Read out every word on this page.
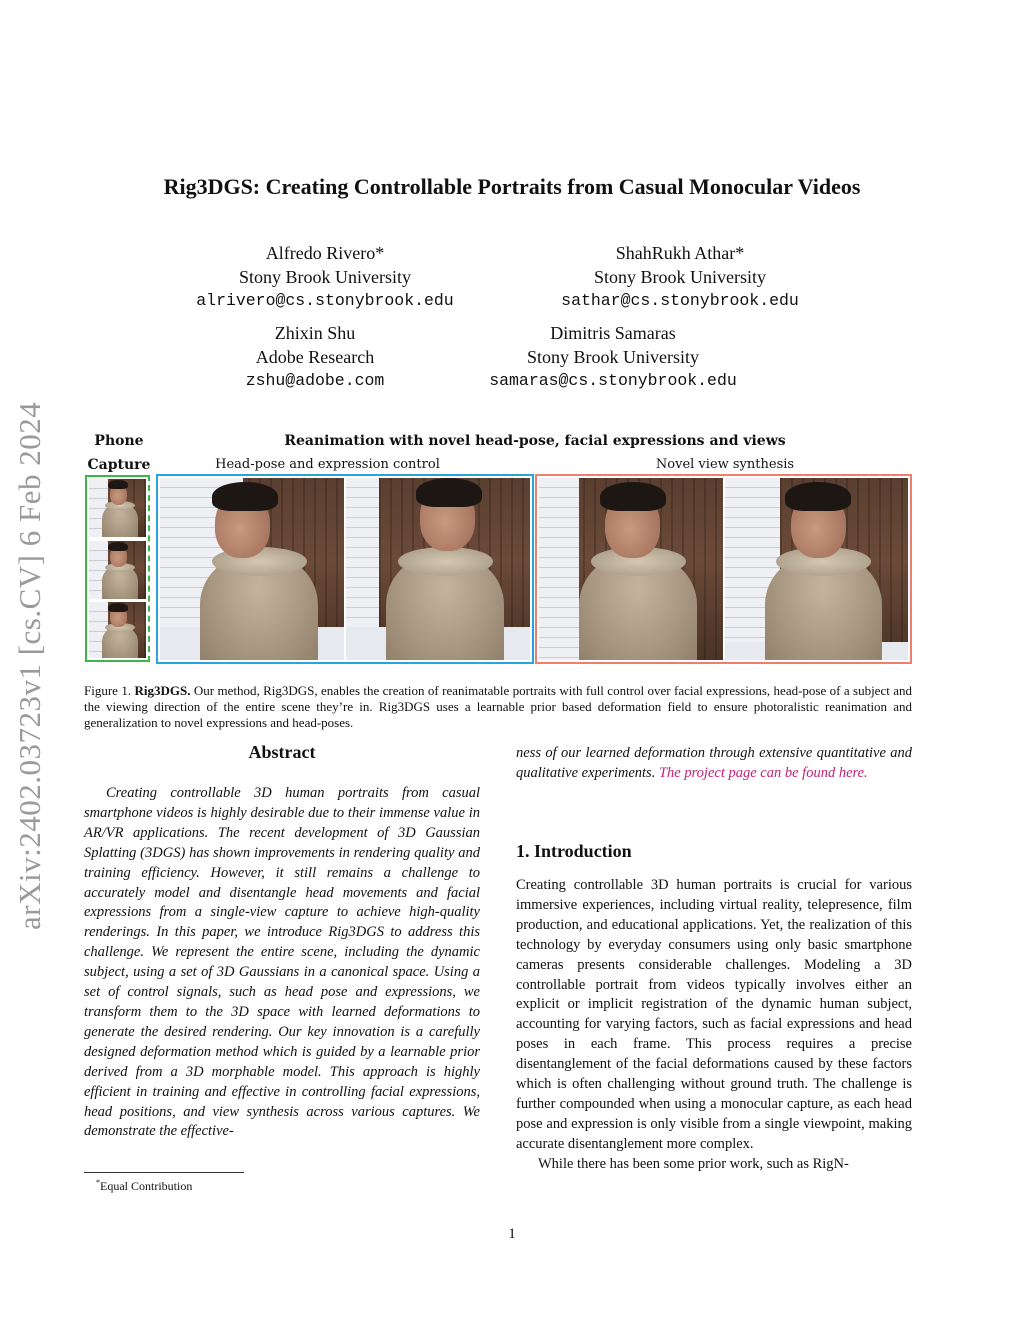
arXiv:2402.03723v1 [cs.CV] 6 Feb 2024
Rig3DGS: Creating Controllable Portraits from Casual Monocular Videos
Alfredo Rivero*
Stony Brook University
alrivero@cs.stonybrook.edu
ShahRukh Athar*
Stony Brook University
sathar@cs.stonybrook.edu
Zhixin Shu
Adobe Research
zshu@adobe.com
Dimitris Samaras
Stony Brook University
samaras@cs.stonybrook.edu
Phone
Capture
Reanimation with novel head-pose, facial expressions and views
Head-pose and expression control	Novel view synthesis
Figure 1. Rig3DGS. Our method, Rig3DGS, enables the creation of reanimatable portraits with full control over facial expressions, head-pose of a subject and the viewing direction of the entire scene they’re in. Rig3DGS uses a learnable prior based deformation field to ensure photoralistic reanimation and generalization to novel expressions and head-poses.
Abstract
Creating controllable 3D human portraits from casual smartphone videos is highly desirable due to their immense value in AR/VR applications. The recent development of 3D Gaussian Splatting (3DGS) has shown improvements in rendering quality and training efficiency. However, it still remains a challenge to accurately model and disentangle head movements and facial expressions from a single-view capture to achieve high-quality renderings. In this paper, we introduce Rig3DGS to address this challenge. We represent the entire scene, including the dynamic subject, using a set of 3D Gaussians in a canonical space. Using a set of control signals, such as head pose and expressions, we transform them to the 3D space with learned deformations to generate the desired rendering. Our key innovation is a carefully designed deformation method which is guided by a learnable prior derived from a 3D morphable model. This approach is highly efficient in training and effective in controlling facial expressions, head positions, and view synthesis across various captures. We demonstrate the effective-
*Equal Contribution
ness of our learned deformation through extensive quantitative and qualitative experiments. The project page can be found here.
1. Introduction

Creating controllable 3D human portraits is crucial for various immersive experiences, including virtual reality, telepresence, film production, and educational applications. Yet, the realization of this technology by everyday consumers using only basic smartphone cameras presents considerable challenges. Modeling a 3D controllable portrait from videos typically involves either an explicit or implicit registration of the dynamic human subject, accounting for varying factors, such as facial expressions and head poses in each frame. This process requires a precise disentanglement of the facial deformations caused by these factors which is often challenging without ground truth. The challenge is further compounded when using a monocular capture, as each head pose and expression is only visible from a single viewpoint, making accurate disentanglement more complex.

While there has been some prior work, such as RigN-

1
